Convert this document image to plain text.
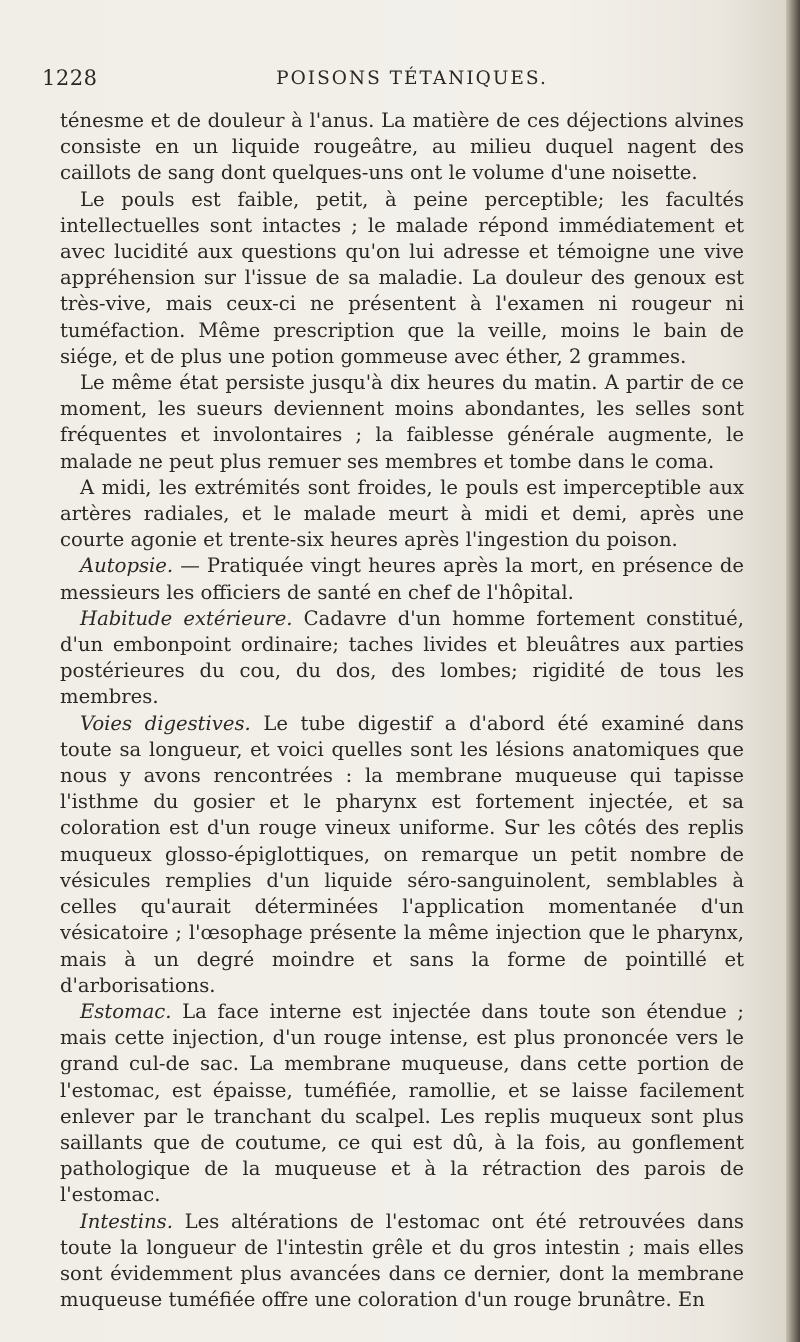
1228	POISONS TÉTANIQUES.

ténesme et de douleur à l'anus. La matière de ces déjections alvines consiste en un liquide rougeâtre, au milieu duquel nagent des caillots de sang dont quelques-uns ont le volume d'une noisette.

Le pouls est faible, petit, à peine perceptible; les facultés intellectuelles sont intactes ; le malade répond immédiatement et avec lucidité aux questions qu'on lui adresse et témoigne une vive appréhension sur l'issue de sa maladie. La douleur des genoux est très-vive, mais ceux-ci ne présentent à l'examen ni rougeur ni tuméfaction. Même prescription que la veille, moins le bain de siége, et de plus une potion gommeuse avec éther, 2 grammes.

Le même état persiste jusqu'à dix heures du matin. A partir de ce moment, les sueurs deviennent moins abondantes, les selles sont fréquentes et involontaires ; la faiblesse générale augmente, le malade ne peut plus remuer ses membres et tombe dans le coma.

A midi, les extrémités sont froides, le pouls est imperceptible aux artères radiales, et le malade meurt à midi et demi, après une courte agonie et trente-six heures après l'ingestion du poison.

Autopsie. — Pratiquée vingt heures après la mort, en présence de messieurs les officiers de santé en chef de l'hôpital.

Habitude extérieure. Cadavre d'un homme fortement constitué, d'un embonpoint ordinaire; taches livides et bleuâtres aux parties postérieures du cou, du dos, des lombes; rigidité de tous les membres.

Voies digestives. Le tube digestif a d'abord été examiné dans toute sa longueur, et voici quelles sont les lésions anatomiques que nous y avons rencontrées : la membrane muqueuse qui tapisse l'isthme du gosier et le pharynx est fortement injectée, et sa coloration est d'un rouge vineux uniforme. Sur les côtés des replis muqueux glosso-épiglottiques, on remarque un petit nombre de vésicules remplies d'un liquide séro-sanguinolent, semblables à celles qu'aurait déterminées l'application momentanée d'un vésicatoire ; l'œsophage présente la même injection que le pharynx, mais à un degré moindre et sans la forme de pointillé et d'arborisations.

Estomac. La face interne est injectée dans toute son étendue ; mais cette injection, d'un rouge intense, est plus prononcée vers le grand cul-de sac. La membrane muqueuse, dans cette portion de l'estomac, est épaisse, tuméfiée, ramollie, et se laisse facilement enlever par le tranchant du scalpel. Les replis muqueux sont plus saillants que de coutume, ce qui est dû, à la fois, au gonflement pathologique de la muqueuse et à la rétraction des parois de l'estomac.

Intestins. Les altérations de l'estomac ont été retrouvées dans toute la longueur de l'intestin grêle et du gros intestin ; mais elles sont évidemment plus avancées dans ce dernier, dont la membrane muqueuse tuméfiée offre une coloration d'un rouge brunâtre. En
